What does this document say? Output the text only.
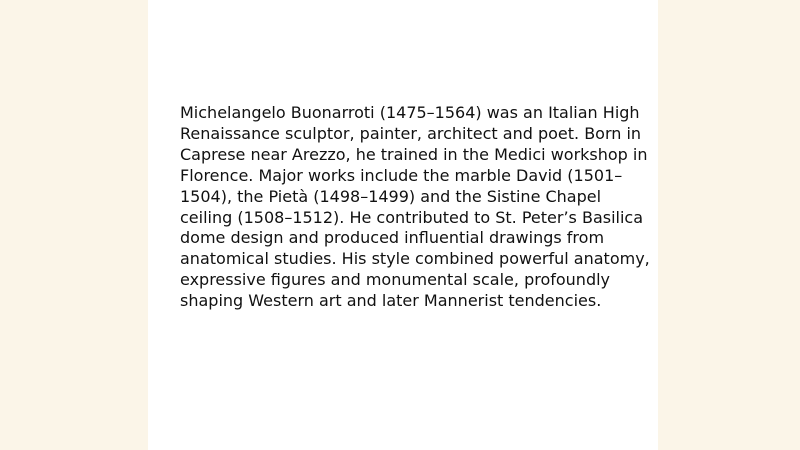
Michelangelo Buonarroti (1475–1564) was an Italian High Renaissance sculptor, painter, architect and poet. Born in Caprese near Arezzo, he trained in the Medici workshop in Florence. Major works include the marble David (1501–1504), the Pietà (1498–1499) and the Sistine Chapel ceiling (1508–1512). He contributed to St. Peter’s Basilica dome design and produced influential drawings from anatomical studies. His style combined powerful anatomy, expressive figures and monumental scale, profoundly shaping Western art and later Mannerist tendencies.
